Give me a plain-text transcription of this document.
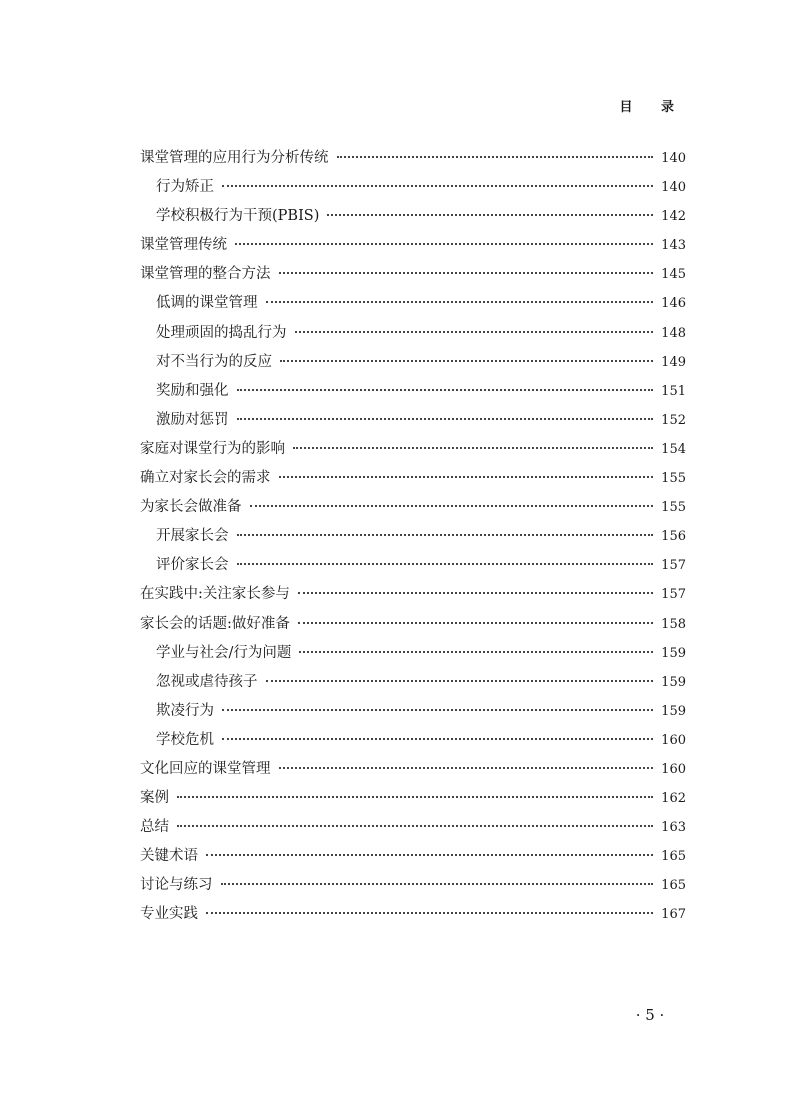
目 录
课堂管理的应用行为分析传统	140
行为矫正	140
学校积极行为干预(PBIS)	142
课堂管理传统	143
课堂管理的整合方法	145
低调的课堂管理	146
处理顽固的捣乱行为	148
对不当行为的反应	149
奖励和强化	151
激励对惩罚	152
家庭对课堂行为的影响	154
确立对家长会的需求	155
为家长会做准备	155
开展家长会	156
评价家长会	157
在实践中:关注家长参与	157
家长会的话题:做好准备	158
学业与社会/行为问题	159
忽视或虐待孩子	159
欺凌行为	159
学校危机	160
文化回应的课堂管理	160
案例	162
总结	163
关键术语	165
讨论与练习	165
专业实践	167
· 5 ·
